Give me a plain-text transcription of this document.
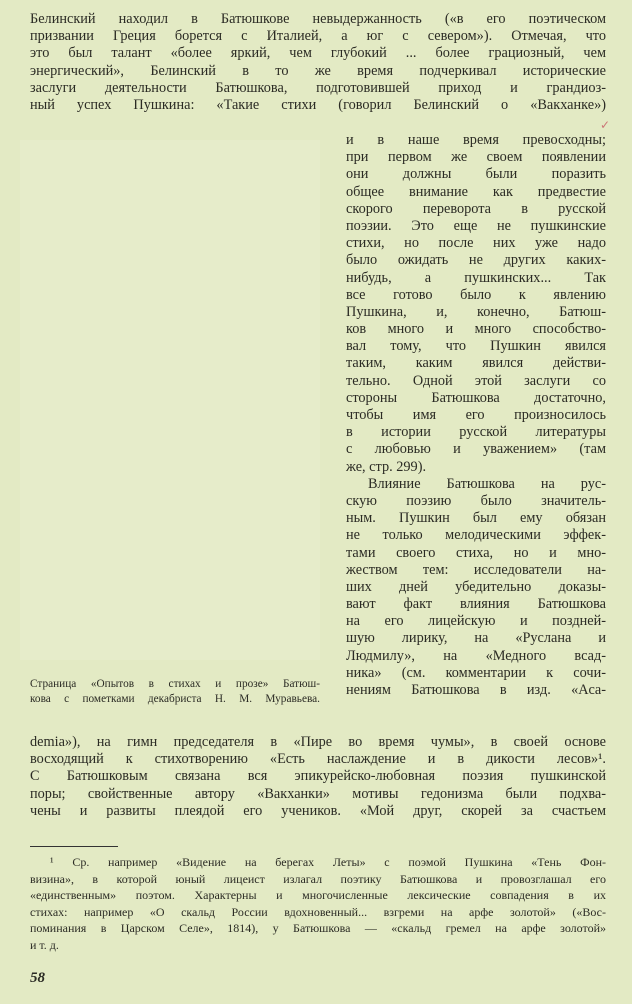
Белинский находил в Батюшкове невыдержанность («в его поэтическом
призвании Греция борется с Италией, а юг с севером»). Отмечая, что
это был талант «более яркий, чем глубокий ... более грациозный, чем
энергический», Белинский в то же время подчеркивал исторические
заслуги деятельности Батюшкова, подготовившей приход и грандиоз-
ный успех Пушкина: «Такие стихи (говорил Белинский о «Вакханке»)
и в наше время превосходны;
при первом же своем появлении
они должны были поразить
общее внимание как предвестие
скорого переворота в русской
поэзии. Это еще не пушкинские
стихи, но после них уже надо
было ожидать не других каких-
нибудь, а пушкинских... Так
все готово было к явлению
Пушкина, и, конечно, Батюш-
ков много и много способство-
вал тому, что Пушкин явился
таким, каким явился действи-
тельно. Одной этой заслуги со
стороны Батюшкова достаточно,
чтобы имя его произносилось
в истории русской литературы
с любовью и уважением» (там
же, стр. 299).
Влияние Батюшкова на рус-
скую поэзию было значитель-
ным. Пушкин был ему обязан
не только мелодическими эффек-
тами своего стиха, но и мно-
жеством тем: исследователи на-
ших дней убедительно доказы-
вают факт влияния Батюшкова
на его лицейскую и поздней-
шую лирику, на «Руслана и
Людмилу», на «Медного всад-
ника» (см. комментарии к сочи-
нениям Батюшкова в изд. «Aca-
Страница «Опытов в стихах и прозе» Батюш-
кова с пометками декабриста Н. М. Муравьева.
demia»), на гимн председателя в «Пире во время чумы», в своей основе
восходящий к стихотворению «Есть наслаждение и в дикости лесов»¹.
С Батюшковым связана вся эпикурейско-любовная поэзия пушкинской
поры; свойственные автору «Вакханки» мотивы гедонизма были подхва-
чены и развиты плеядой его учеников. «Мой друг, скорей за счастьем
¹ Ср. например «Видение на берегах Леты» с поэмой Пушкина «Тень Фон-
визина», в которой юный лицеист излагал поэтику Батюшкова и провозглашал его
«единственным» поэтом. Характерны и многочисленные лексические совпадения в их
стихах: например «О скальд России вдохновенный... взгреми на арфе золотой» («Вос-
поминания в Царском Селе», 1814), у Батюшкова — «скальд гремел на арфе золотой»
и т. д.
58
✓
